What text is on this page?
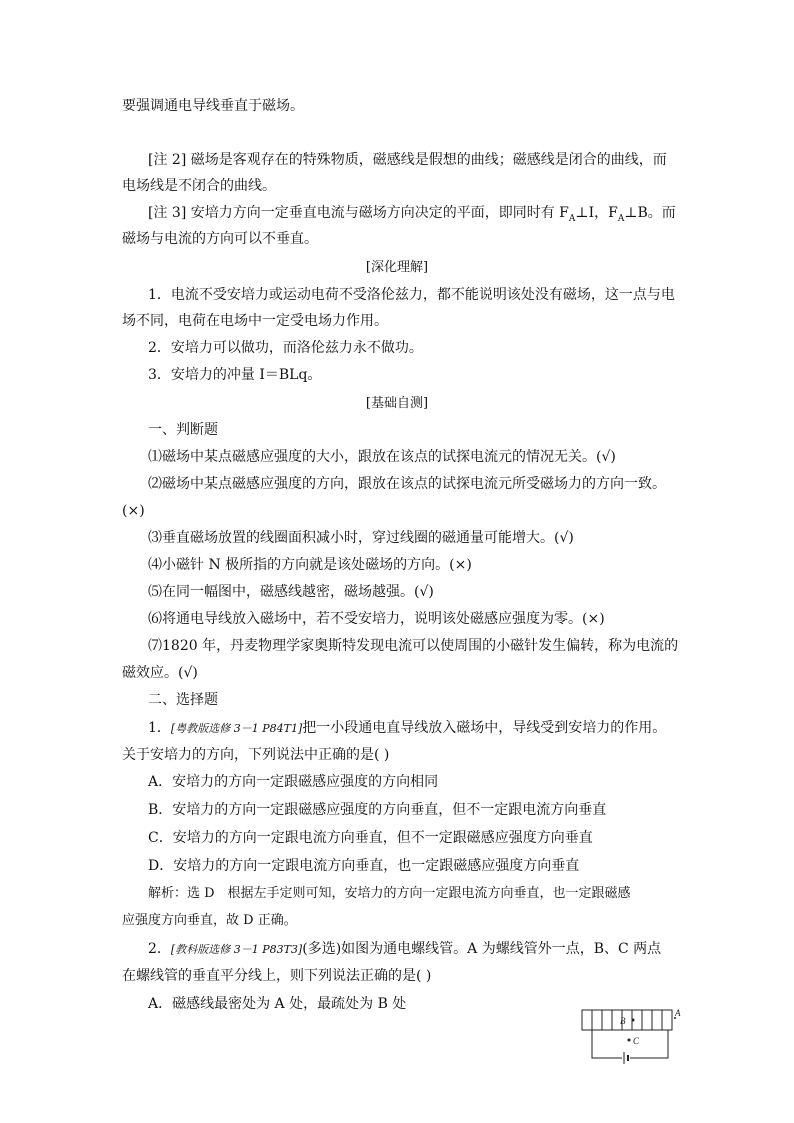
要强调通电导线垂直于磁场。
[注 2] 磁场是客观存在的特殊物质，磁感线是假想的曲线；磁感线是闭合的曲线，而
电场线是不闭合的曲线。
[注 3] 安培力方向一定垂直电流与磁场方向决定的平面，即同时有 $F_A\perp I$，$F_A\perp B$。而
磁场与电流的方向可以不垂直。
[深化理解]
1．电流不受安培力或运动电荷不受洛伦兹力，都不能说明该处没有磁场，这一点与电
场不同，电荷在电场中一定受电场力作用。
2．安培力可以做功，而洛伦兹力永不做功。
3．安培力的冲量 I＝BLq。
[基础自测]
一、判断题
⑴磁场中某点磁感应强度的大小，跟放在该点的试探电流元的情况无关。(√)
⑵磁场中某点磁感应强度的方向，跟放在该点的试探电流元所受磁场力的方向一致。
(×)
⑶垂直磁场放置的线圈面积减小时，穿过线圈的磁通量可能增大。(√)
⑷小磁针 N 极所指的方向就是该处磁场的方向。(×)
⑸在同一幅图中，磁感线越密，磁场越强。(√)
⑹将通电导线放入磁场中，若不受安培力，说明该处磁感应强度为零。(×)
⑺1820 年，丹麦物理学家奥斯特发现电流可以使周围的小磁针发生偏转，称为电流的
磁效应。(√)
二、选择题
1．[粤教版选修 3－1 P84T1]把一小段通电直导线放入磁场中，导线受到安培力的作用。
关于安培力的方向，下列说法中正确的是( )
A．安培力的方向一定跟磁感应强度的方向相同
B．安培力的方向一定跟磁感应强度的方向垂直，但不一定跟电流方向垂直
C．安培力的方向一定跟电流方向垂直，但不一定跟磁感应强度方向垂直
D．安培力的方向一定跟电流方向垂直，也一定跟磁感应强度方向垂直
解析：选 D　根据左手定则可知，安培力的方向一定跟电流方向垂直，也一定跟磁感
应强度方向垂直，故 D 正确。
2．[教科版选修 3－1 P83T3](多选)如图为通电螺线管。A 为螺线管外一点，B、C 两点
在螺线管的垂直平分线上，则下列说法正确的是( )
A．磁感线最密处为 A 处，最疏处为 B 处
B
C
A
